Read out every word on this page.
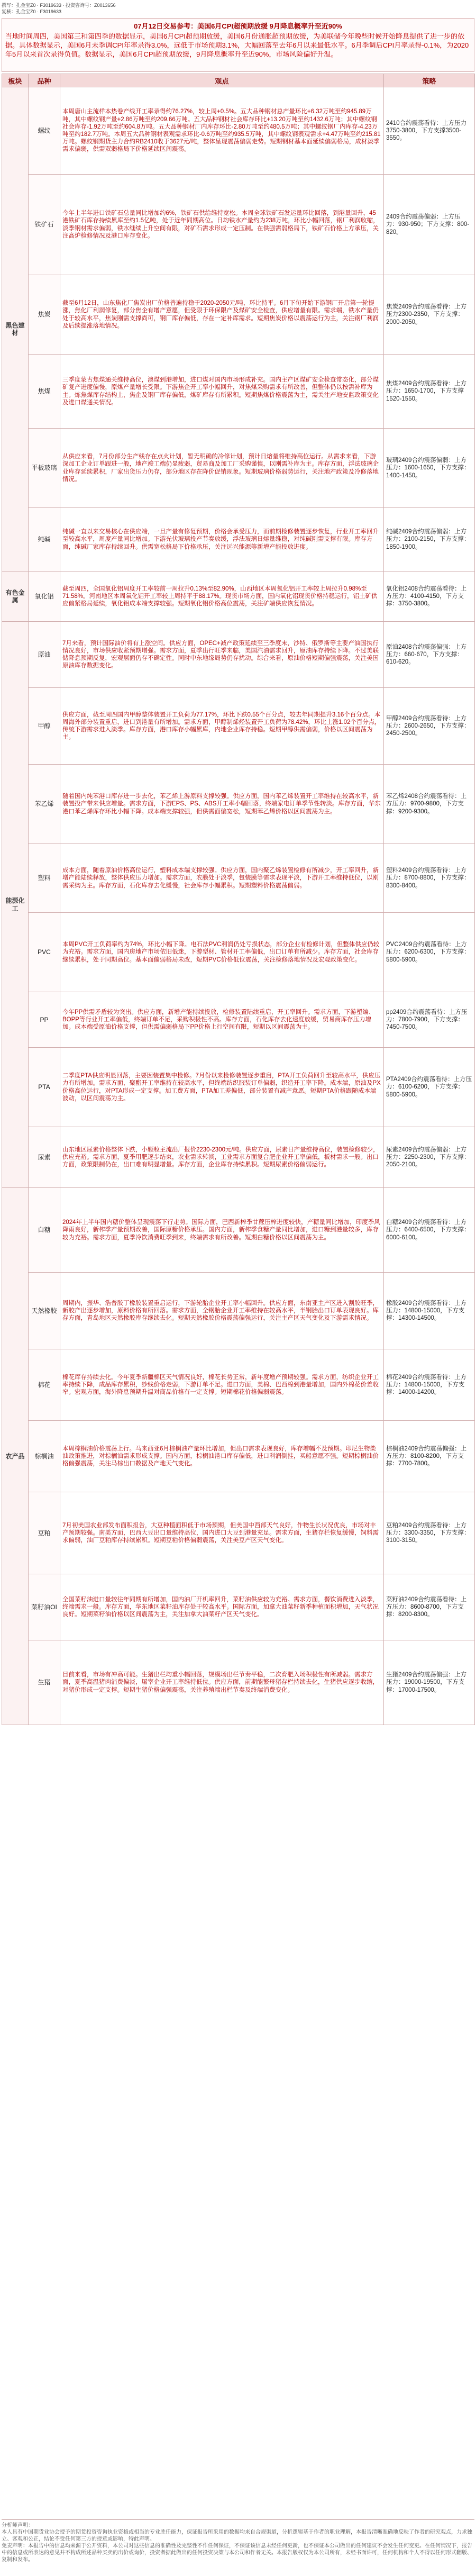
撰写：孔金宝Z0 · F3019633 · 投资咨询号：Z0013656
复核：孔金宝Z0 · F3019633
07月12日交易参考：美国6月CPI超预期放缓 9月降息概率升至近90%
当地时间周四，美国第三和第四季的数据显示，美国6月CPI超预期放缓，美国6月份通胀超预期放缓，为美联储今年晚些时候开始降息提供了进一步的依据。具体数据显示，美国6月未季调CPI年率录得3.0%，远低于市场预期3.1%，大幅回落至去年6月以来最低水平。6月季调后CPI月率录得-0.1%，为2020年5月以来首次录得负值。数据显示，美国6月CPI超预期放缓，9月降息概率升至近90%，市场风险偏好升温。
板块	品种	观点	策略
黑色建材	螺纹	本周唐山主流样本热卷产线开工率录得约76.27%，较上周+0.5%。五大品种钢材总产量环比+6.32万吨至约945.89万吨，其中螺纹钢产量+2.86万吨至约209.66万吨。五大品种钢材社会库存环比+13.20万吨至约1432.6万吨；其中螺纹钢社会库存-1.92万吨至约604.8万吨。五大品种钢材厂内库存环比-2.80万吨至约480.5万吨；其中螺纹钢厂内库存-4.23万吨至约182.7万吨。本周五大品种钢材表观需求环比-0.6万吨至约935.5万吨，其中螺纹钢表观需求+4.47万吨至约215.81万吨。螺纹钢期货主力合约RB2410收于3627元/吨，整体呈现震荡偏弱走势。短期钢材基本面延续偏弱格局，成材淡季需求偏弱，供需双弱格局下价格延续区间震荡。	2410合约震荡看待：上方压力3750-3800，下方支撑3500-3550。
	铁矿石	今年上半年进口铁矿石总量同比增加约6%，铁矿石供给维持宽松。本周全球铁矿石发运量环比回落，到港量回升，45港铁矿石库存持续累库至约1.5亿吨，处于近年同期高位。日均铁水产量约为238万吨，环比小幅回落，钢厂利润收缩，淡季钢材需求偏弱，铁水继续上升空间有限，对矿石需求形成一定压制。在供强需弱格局下，铁矿石价格上方承压，关注高炉检修情况及港口库存变化。	2409合约震荡偏弱：上方压力：930-950；下方支撑：800-820。
	焦炭	截至6月12日，山东焦化厂焦炭出厂价格普遍持稳于2020-2050元/吨，环比持平。6月下旬开始下游钢厂开启第一轮提涨，焦化厂利润修复，部分焦企有增产意愿，但受限于环保限产及煤矿安全检查，供应增量有限。需求端，铁水产量仍处于较高水平，焦炭刚需支撑尚可，钢厂库存偏低，存在一定补库需求。短期焦炭价格以震荡运行为主，关注钢厂利润及后续提涨落地情况。	焦炭2409合约震荡看待：上方压力2300-2350，下方支撑：2000-2050。
	焦煤	三季度蒙古焦煤通关维持高位，澳煤到港增加，进口煤对国内市场形成补充。国内主产区煤矿安全检查常态化，部分煤矿复产进度偏慢，原煤产量增长受限。下游焦企开工率小幅回升，对焦煤采购需求有所改善，但整体仍以按需补库为主。炼焦煤库存结构上，焦企及钢厂库存偏低，煤矿库存有所累积。短期焦煤价格震荡为主，需关注产地安监政策变化及进口煤通关情况。	焦煤2409合约震荡看待：上方压力：1650-1700，下方支撑1520-1550。
	平板玻璃	从供应来看，7月份部分生产线存在点火计划，暂无明确的冷修计划，预计日熔量将维持高位运行。从需求来看，下游深加工企业订单跟进一般，地产竣工端仍显疲弱，贸易商及加工厂采购谨慎，以刚需补库为主。库存方面，浮法玻璃企业库存延续累积，厂家出货压力仍存，部分地区存在降价促销现象。短期玻璃价格弱势运行，关注地产政策及冷修落地情况。	玻璃2409合约震荡偏弱：上方压力：1600-1650，下方支撑：1400-1450。
	纯碱	纯碱一直以来交易核心在供应端，一旦产量有修复预期，价格会承受压力，而前期检修装置逐步恢复，行业开工率回升至较高水平，周度产量同比增加。下游光伏玻璃投产节奏放缓，浮法玻璃日熔量维稳，对纯碱刚需支撑有限。库存方面，纯碱厂家库存持续回升。供需宽松格局下价格承压，关注远兴能源等新增产能投放进度。	纯碱2409合约震荡偏弱：上方压力：2100-2150，下方支撑：1850-1900。
有色金属	氧化铝	截至周四，全国氧化铝周度开工率较前一周拉升0.13%至82.90%，山西地区本周氧化铝开工率较上周拉升0.98%至71.58%。河南地区本周氧化铝开工率较上周持平于88.17%。现货市场方面，国内氧化铝现货价格持稳运行，铝土矿供应偏紧格局延续，氧化铝成本端支撑较强。短期氧化铝价格高位震荡，关注矿端供应恢复情况。	氧化铝2408合约震荡看待：上方压力：4100-4150，下方支撑：3750-3800。
能源化工	原油	7月来看，预计国际油价将有上涨空间。供应方面，OPEC+减产政策延续至三季度末，沙特、俄罗斯等主要产油国执行情况良好，市场供应收紧预期增强。需求方面，夏季出行旺季来临，美国汽油需求回升，原油库存持续下降。不过美联储降息预期反复，宏观层面仍存不确定性。同时中东地缘局势仍存扰动。综合来看，原油价格短期偏强震荡，关注美国原油库存数据变化。	原油2408合约震荡偏强：上方压力：660-670，下方支撑：610-620。
	甲醇	供应方面，截至周四国内甲醇整体装置开工负荷为77.17%，环比下跌0.55个百分点，较去年同期提升3.16个百分点。本周海外部分装置重启，进口到港量有所增加。需求方面，甲醇制烯烃装置开工负荷为78.42%，环比上涨1.02个百分点，传统下游需求进入淡季。库存方面，港口库存小幅累库，内地企业库存持稳。短期甲醇供需偏弱，价格以区间震荡为主。	甲醇2409合约震荡看待：上方压力：2600-2650，下方支撑：2450-2500。
	苯乙烯	随着国内纯苯港口库存进一步去化，苯乙烯上游原料支撑较强。供应方面，国内苯乙烯装置开工率维持在较高水平，新装置投产带来供应增量。需求方面，下游EPS、PS、ABS开工率小幅回落，终端家电订单季节性转淡。库存方面，华东港口苯乙烯库存环比小幅下降。成本端支撑较强，但供需面偏宽松，短期苯乙烯价格以区间震荡为主。	苯乙烯2408合约震荡看待：上方压力：9700-9800，下方支撑：9200-9300。
	塑料	成本方面，随着原油价格高位运行，塑料成本端支撑较强。供应方面，国内聚乙烯装置检修有所减少，开工率回升，新增产能陆续释放，整体供应压力增加。需求方面，农膜处于淡季，包装膜等需求表现平淡，下游开工率维持低位，以刚需采购为主。库存方面，石化库存去化缓慢，社会库存小幅累积。短期塑料价格震荡偏弱。	塑料2409合约震荡看待：上方压力：8700-8800，下方支撑：8300-8400。
	PVC	本周PVC开工负荷率约为74%，环比小幅下降。电石法PVC利润仍处亏损状态，部分企业有检修计划，但整体供应仍较为充裕。需求方面，国内房地产市场依旧低迷，下游型材、管材开工率偏低，出口订单有所减少。库存方面，社会库存继续累积，处于同期高位。基本面偏弱格局未改，短期PVC价格低位震荡，关注检修落地情况及宏观政策变化。	PVC2409合约震荡看待：上方压力：6200-6300，下方支撑：5800-5900。
	PP	今年PP供需矛盾较为突出。供应方面，新增产能持续投放，检修装置陆续重启，开工率回升。需求方面，下游塑编、BOPP等行业开工率偏低，终端订单不足，采购积极性不高。库存方面，石化库存去化速度放缓，贸易商库存压力增加。成本端受原油价格支撑，但供需偏弱格局下PP价格上行空间有限，短期以区间震荡为主。	pp2409合约震荡看待：上方压力：7800-7900，下方支撑：7450-7500。
	PTA	二季度PTA供应明显回落，主要因装置集中检修。7月份以来检修装置逐步重启，PTA开工负荷回升至较高水平，供应压力有所增加。需求方面，聚酯开工率维持在较高水平，但终端纺织服装订单偏弱，织造开工率下降。成本端，原油及PX价格高位运行，对PTA形成一定支撑。加工费方面，PTA加工差偏低，部分装置有减产意愿。短期PTA价格跟随成本端波动，以区间震荡为主。	PTA2409合约震荡看待：上方压力：6100-6200，下方支撑：5800-5900。
	尿素	山东地区尿素价格整体下跌，小颗粒主流出厂报价2230-2300元/吨。供应方面，尿素日产量维持高位，装置检修较少，供应充裕。需求方面，夏季用肥逐步结束，农业需求转淡，工业需求方面复合肥企业开工率偏低，板材需求一般。出口方面，政策限制仍在，出口难有明显增量。库存方面，企业库存持续累积。短期尿素价格偏弱运行。	尿素2409合约震荡偏弱：上方压力：2250-2300，下方支撑：2050-2100。
农产品	白糖	2024年上半年国内糖价整体呈现震荡下行走势。国际方面，巴西新榨季甘蔗压榨进度较快，产糖量同比增加，印度季风降雨良好，新榨季产量预期改善，国际原糖价格承压。国内方面，新榨季食糖产量同比增加，进口糖到港量较多，库存较为充裕。需求方面，夏季冷饮消费旺季到来，终端需求有所改善。短期白糖价格以区间震荡为主。	白糖2409合约震荡看待：上方压力：6400-6500，下方支撑：6000-6100。
	天然橡胶	周期内，振华、浩普胶丁橡胶装置重启运行，下游轮胎企业开工率小幅回升。供应方面，东南亚主产区进入割胶旺季，新胶产出逐步增加，原料价格有所回落。需求方面，全钢胎企业开工率维持在较高水平，半钢胎出口订单表现良好。库存方面，青岛地区天然橡胶库存继续去化。短期天然橡胶价格震荡偏强运行，关注主产区天气变化及下游需求情况。	橡胶2409合约震荡看待：上方压力：14800-15000，下方支撑：14300-14500。
	棉花	棉花库存持续去化。今年夏季新疆棉区天气情况良好，棉花长势正常，新年度增产预期较强。需求方面，纺织企业开工率持续下降，成品库存累积，纱线价格走弱，下游订单不足。进口方面，美棉、巴西棉到港量增加，国内外棉花价差收窄。宏观方面，海外降息预期升温对商品价格有一定支撑。短期棉花价格偏弱震荡。	棉花2409合约震荡看待：上方压力：14800-15000，下方支撑：14000-14200。
	棕榈油	本周棕榈油价格震荡上行。马来西亚6月棕榈油产量环比增加，但出口需求表现良好，库存增幅不及预期。印尼生物柴油政策推进，对棕榈油需求形成支撑。国内方面，棕榈油港口库存偏低，进口利润倒挂，买船意愿不强。短期棕榈油价格偏强震荡，关注马棕出口数据及产地天气变化。	棕榈油2409合约震荡偏强：上方压力：8100-8200，下方支撑：7700-7800。
	豆粕	7月初美国农业部发布面积报告，大豆种植面积低于市场预期，但美国中西部天气良好，作物生长状况优良，市场对丰产预期较强。南美方面，巴西大豆出口量维持高位，国内进口大豆到港量充足。需求方面，生猪存栏恢复缓慢，饲料需求偏弱，油厂豆粕库存持续累积。短期豆粕价格偏弱震荡，关注美豆产区天气变化。	豆粕2409合约震荡看待：上方压力：3300-3350，下方支撑：3100-3150。
	菜籽油OI	全国菜籽油进口量较往年同期有所增加，国内油厂开机率回升，菜籽油供应较为充裕。需求方面，餐饮消费进入淡季，终端需求一般。库存方面，华东地区菜籽油库存处于较高水平。国际方面，加拿大油菜籽新季种植面积增加，天气状况良好。短期菜籽油价格以区间震荡为主，关注加拿大油菜籽产区天气变化。	菜籽油2409合约震荡看待：上方压力：8600-8700，下方支撑：8200-8300。
	生猪	目前来看，市场有冲高可能。生猪出栏均重小幅回落，规模场出栏节奏平稳，二次育肥入场积极性有所减弱。需求方面，夏季高温猪肉消费偏淡，屠宰企业开工率维持低位。供应方面，前期能繁母猪存栏持续去化，生猪供应逐步收缩，对猪价形成一定支撑。短期生猪价格偏强震荡，关注养殖端出栏节奏及终端消费变化。	生猪2409合约震荡偏强：上方压力：19000-19500，下方支撑：17000-17500。
分析师声明：
本人具有中国期货业协会授予的期货投资咨询执业资格或相当的专业胜任能力，保证报告所采用的数据均来自合规渠道，分析逻辑基于作者的职业理解，本报告清晰准确地反映了作者的研究观点，力求独立、客观和公正，结论不受任何第三方的授意或影响，特此声明。
免责声明：本报告中的信息均来源于公开资料，本公司对这些信息的准确性及完整性不作任何保证，不保证该信息未经任何更新，也不保证本公司做出的任何建议不会发生任何变更。在任何情况下，报告中的信息或所表达的意见并不构成所述品种买卖的出价或询价，投资者据此做出的任何投资决策与本公司和作者无关。本报告版权仅为本公司所有，未经书面许可，任何机构和个人不得以任何形式翻版、复制和发布。
